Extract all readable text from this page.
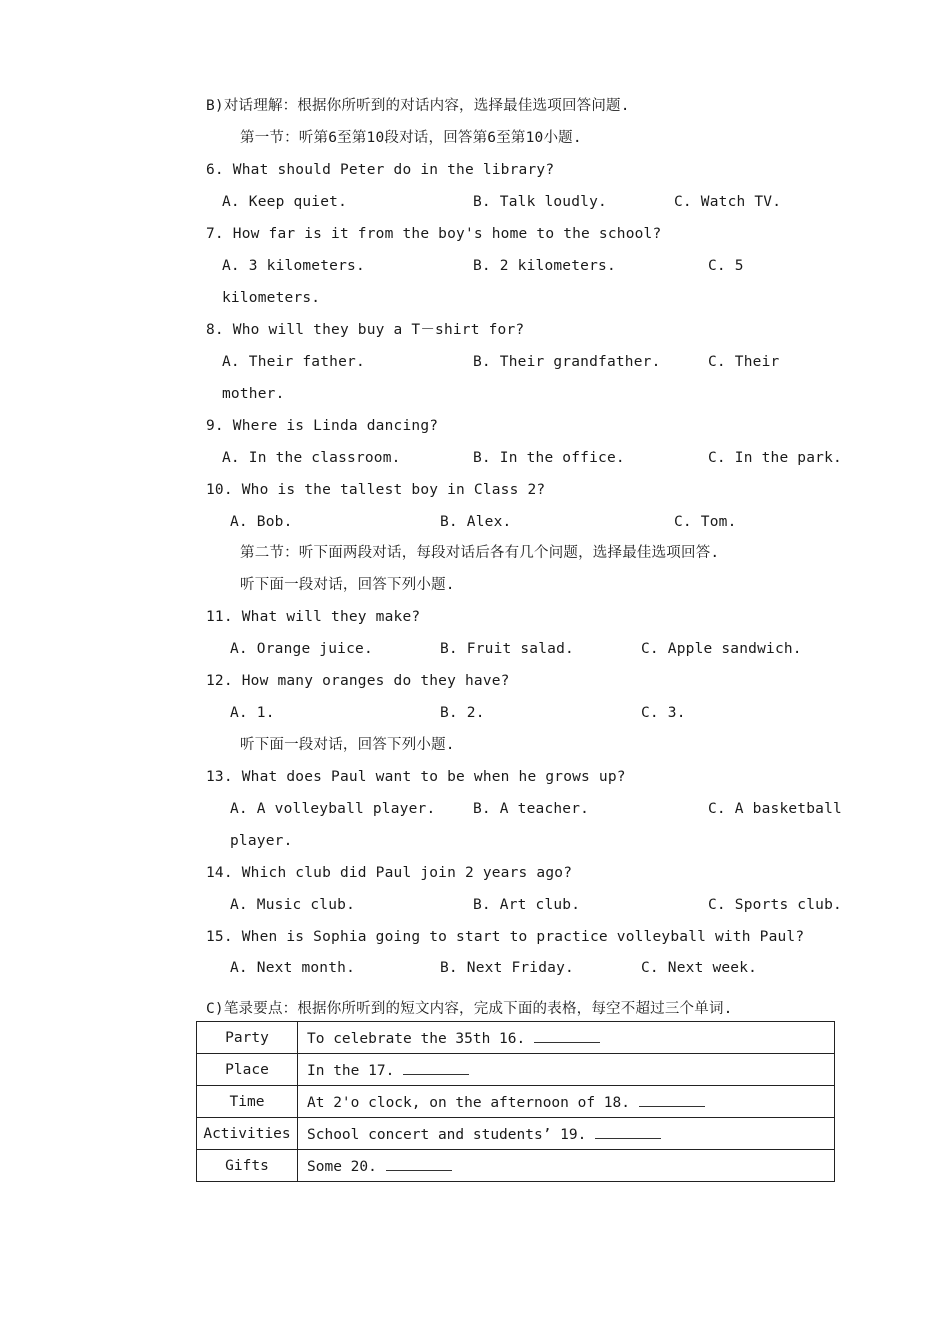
B)对话理解：根据你所听到的对话内容，选择最佳选项回答问题.
第一节：听第6至第10段对话，回答第6至第10小题.
6. What should Peter do in the library?
A. Keep quiet.	B. Talk loudly.	C. Watch TV.
7. How far is it from the boy's home to the school?
A. 3 kilometers.	B. 2 kilometers.	C. 5
kilometers.
8. Who will they buy a T－shirt for?
A. Their father.	B. Their grandfather.	C. Their
mother.
9. Where is Linda dancing?
A. In the classroom.	B. In the office.	C. In the park.
10. Who is the tallest boy in Class 2?
A. Bob.	B. Alex.	C. Tom.
第二节：听下面两段对话，每段对话后各有几个问题，选择最佳选项回答.
听下面一段对话，回答下列小题.
11. What will they make?
A. Orange juice.	B. Fruit salad.	C. Apple sandwich.
12. How many oranges do they have?
A. 1.	B. 2.	C. 3.
听下面一段对话，回答下列小题.
13. What does Paul want to be when he grows up?
A. A volleyball player.	B. A teacher.	C. A basketball
player.
14. Which club did Paul join 2 years ago?
A. Music club.	B. Art club.	C. Sports club.
15. When is Sophia going to start to practice volleyball with Paul?
A. Next month.	B. Next Friday.	C. Next week.
C)笔录要点：根据你所听到的短文内容，完成下面的表格，每空不超过三个单词.
Party	To celebrate the 35th 16.
Place	In the 17.
Time	At 2'o clock, on the afternoon of 18.
Activities	School concert and students’ 19.
Gifts	Some 20.
